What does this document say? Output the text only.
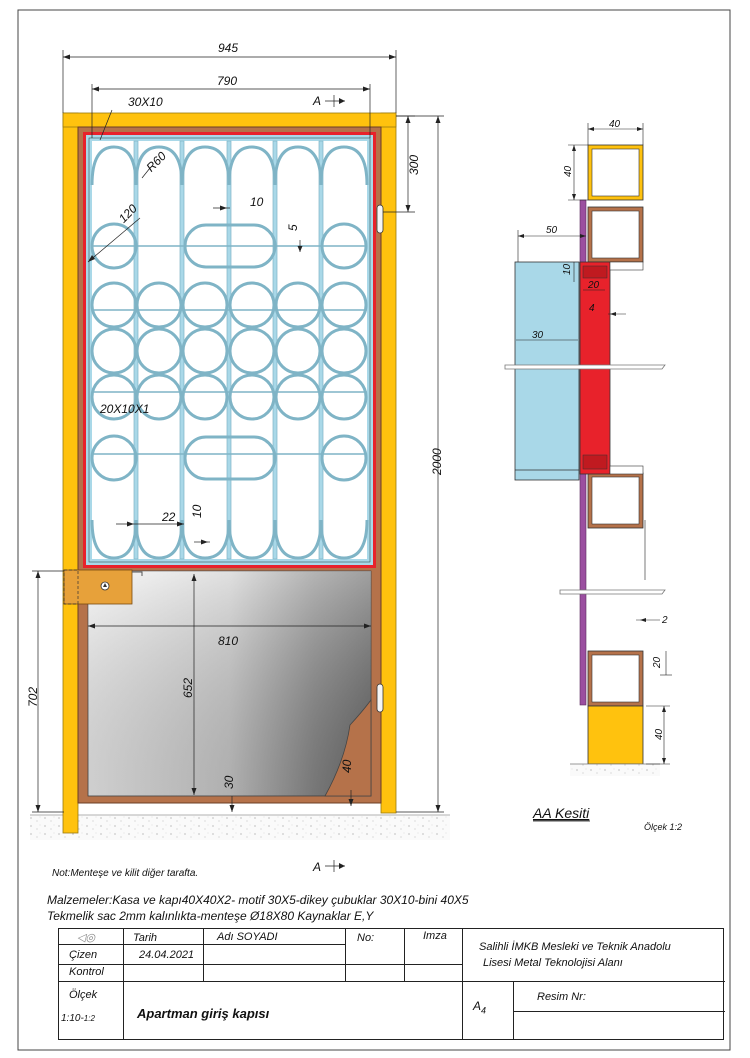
945
790
30X10	A
R60
120	10
5
300
2000
20X10X1
22 10
810
652
702
30
40
A
40
40
50
10
20
4
30
2
20
40
AA Kesiti
Ölçek 1:2
Not:Menteşe ve kilit diğer tarafta.
Malzemeler:Kasa ve kapı40X40X2- motif 30X5-dikey çubuklar 30X10-bini 40X5
Tekmelik sac 2mm kalınlıkta-menteşe Ø18X80 Kaynaklar E,Y
◁◎	Tarih	Adı SOYADI	No:	Imza
Çizen	24.04.2021
Kontrol
Ölçek
1:10-1:2	Apartman giriş kapısı
Salihli İMKB Mesleki ve Teknik Anadolu
Lisesi Metal Teknolojisi Alanı
$A_4$
Resim Nr:
